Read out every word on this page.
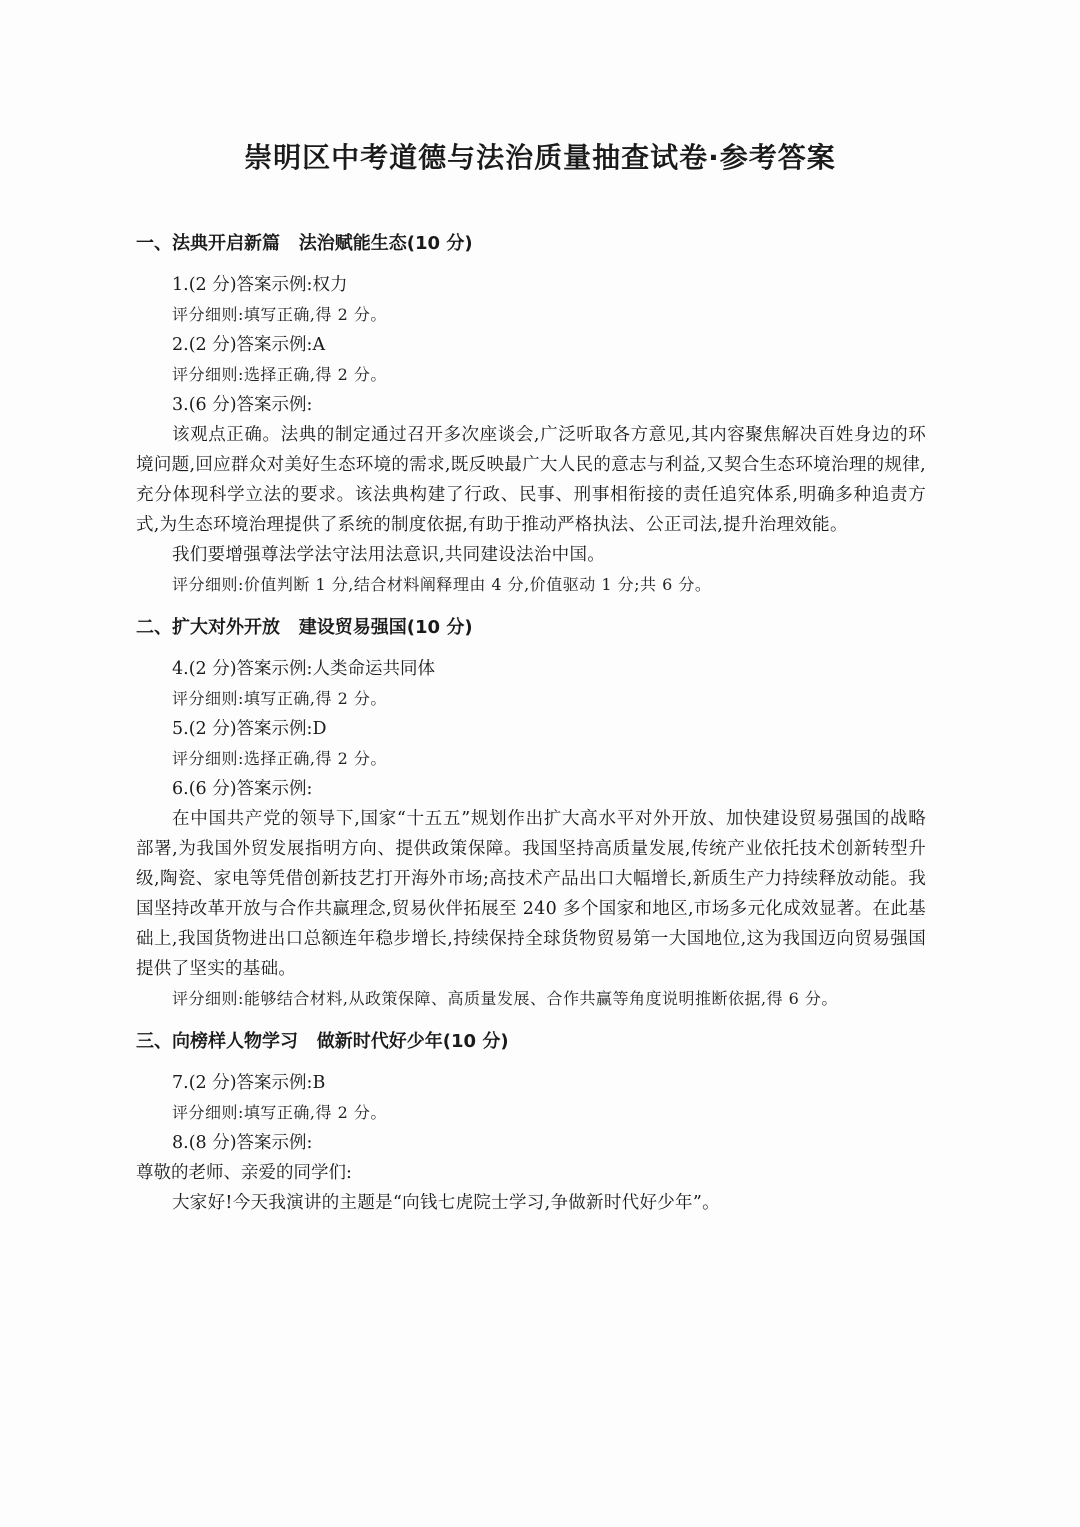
崇明区中考道德与法治质量抽查试卷·参考答案
一、法典开启新篇   法治赋能生态(10 分)
1.(2 分)答案示例:权力
评分细则:填写正确,得 2 分。
2.(2 分)答案示例:A
评分细则:选择正确,得 2 分。
3.(6 分)答案示例:
该观点正确。法典的制定通过召开多次座谈会,广泛听取各方意见,其内容聚焦解决百姓身边的环境问题,回应群众对美好生态环境的需求,既反映最广大人民的意志与利益,又契合生态环境治理的规律,充分体现科学立法的要求。该法典构建了行政、民事、刑事相衔接的责任追究体系,明确多种追责方式,为生态环境治理提供了系统的制度依据,有助于推动严格执法、公正司法,提升治理效能。
我们要增强尊法学法守法用法意识,共同建设法治中国。
评分细则:价值判断 1 分,结合材料阐释理由 4 分,价值驱动 1 分;共 6 分。
二、扩大对外开放   建设贸易强国(10 分)
4.(2 分)答案示例:人类命运共同体
评分细则:填写正确,得 2 分。
5.(2 分)答案示例:D
评分细则:选择正确,得 2 分。
6.(6 分)答案示例:
在中国共产党的领导下,国家“十五五”规划作出扩大高水平对外开放、加快建设贸易强国的战略部署,为我国外贸发展指明方向、提供政策保障。我国坚持高质量发展,传统产业依托技术创新转型升级,陶瓷、家电等凭借创新技艺打开海外市场;高技术产品出口大幅增长,新质生产力持续释放动能。我国坚持改革开放与合作共赢理念,贸易伙伴拓展至 240 多个国家和地区,市场多元化成效显著。在此基础上,我国货物进出口总额连年稳步增长,持续保持全球货物贸易第一大国地位,这为我国迈向贸易强国提供了坚实的基础。
评分细则:能够结合材料,从政策保障、高质量发展、合作共赢等角度说明推断依据,得 6 分。
三、向榜样人物学习   做新时代好少年(10 分)
7.(2 分)答案示例:B
评分细则:填写正确,得 2 分。
8.(8 分)答案示例:
尊敬的老师、亲爱的同学们:
大家好!今天我演讲的主题是“向钱七虎院士学习,争做新时代好少年”。
